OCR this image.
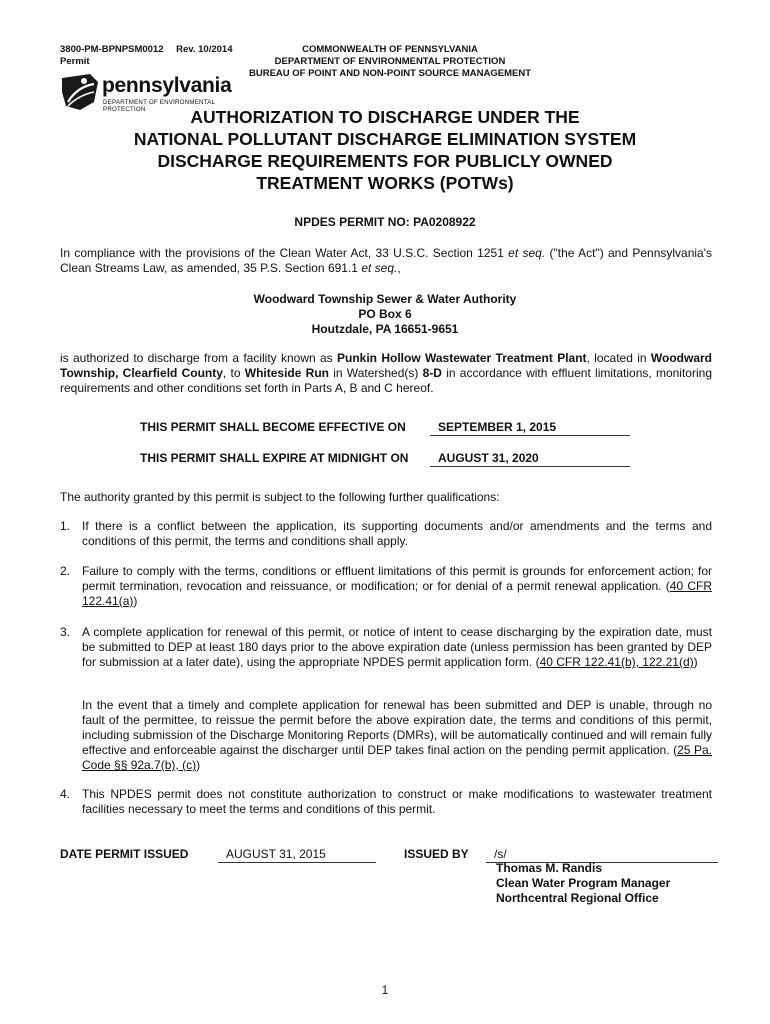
3800-PM-BPNPSM0012 Rev. 10/2014
Permit
COMMONWEALTH OF PENNSYLVANIA
DEPARTMENT OF ENVIRONMENTAL PROTECTION
BUREAU OF POINT AND NON-POINT SOURCE MANAGEMENT
pennsylvania
DEPARTMENT OF ENVIRONMENTAL PROTECTION	AUTHORIZATION TO DISCHARGE UNDER THE
NATIONAL POLLUTANT DISCHARGE ELIMINATION SYSTEM
DISCHARGE REQUIREMENTS FOR PUBLICLY OWNED
TREATMENT WORKS (POTWs)
NPDES PERMIT NO: PA0208922
In compliance with the provisions of the Clean Water Act, 33 U.S.C. Section 1251 et seq. ("the Act") and Pennsylvania's Clean Streams Law, as amended, 35 P.S. Section 691.1 et seq.,
Woodward Township Sewer & Water Authority
PO Box 6
Houtzdale, PA 16651-9651
is authorized to discharge from a facility known as Punkin Hollow Wastewater Treatment Plant, located in Woodward Township, Clearfield County, to Whiteside Run in Watershed(s) 8-D in accordance with effluent limitations, monitoring requirements and other conditions set forth in Parts A, B and C hereof.
THIS PERMIT SHALL BECOME EFFECTIVE ON	SEPTEMBER 1, 2015
THIS PERMIT SHALL EXPIRE AT MIDNIGHT ON	AUGUST 31, 2020
The authority granted by this permit is subject to the following further qualifications:
1. If there is a conflict between the application, its supporting documents and/or amendments and the terms and conditions of this permit, the terms and conditions shall apply.
2. Failure to comply with the terms, conditions or effluent limitations of this permit is grounds for enforcement action; for permit termination, revocation and reissuance, or modification; or for denial of a permit renewal application. (40 CFR 122.41(a))
3. A complete application for renewal of this permit, or notice of intent to cease discharging by the expiration date, must be submitted to DEP at least 180 days prior to the above expiration date (unless permission has been granted by DEP for submission at a later date), using the appropriate NPDES permit application form. (40 CFR 122.41(b), 122.21(d))
In the event that a timely and complete application for renewal has been submitted and DEP is unable, through no fault of the permittee, to reissue the permit before the above expiration date, the terms and conditions of this permit, including submission of the Discharge Monitoring Reports (DMRs), will be automatically continued and will remain fully effective and enforceable against the discharger until DEP takes final action on the pending permit application. (25 Pa. Code §§ 92a.7(b), (c))
4. This NPDES permit does not constitute authorization to construct or make modifications to wastewater treatment facilities necessary to meet the terms and conditions of this permit.
DATE PERMIT ISSUED	AUGUST 31, 2015	ISSUED BY	/s/
Thomas M. Randis
Clean Water Program Manager
Northcentral Regional Office
1
